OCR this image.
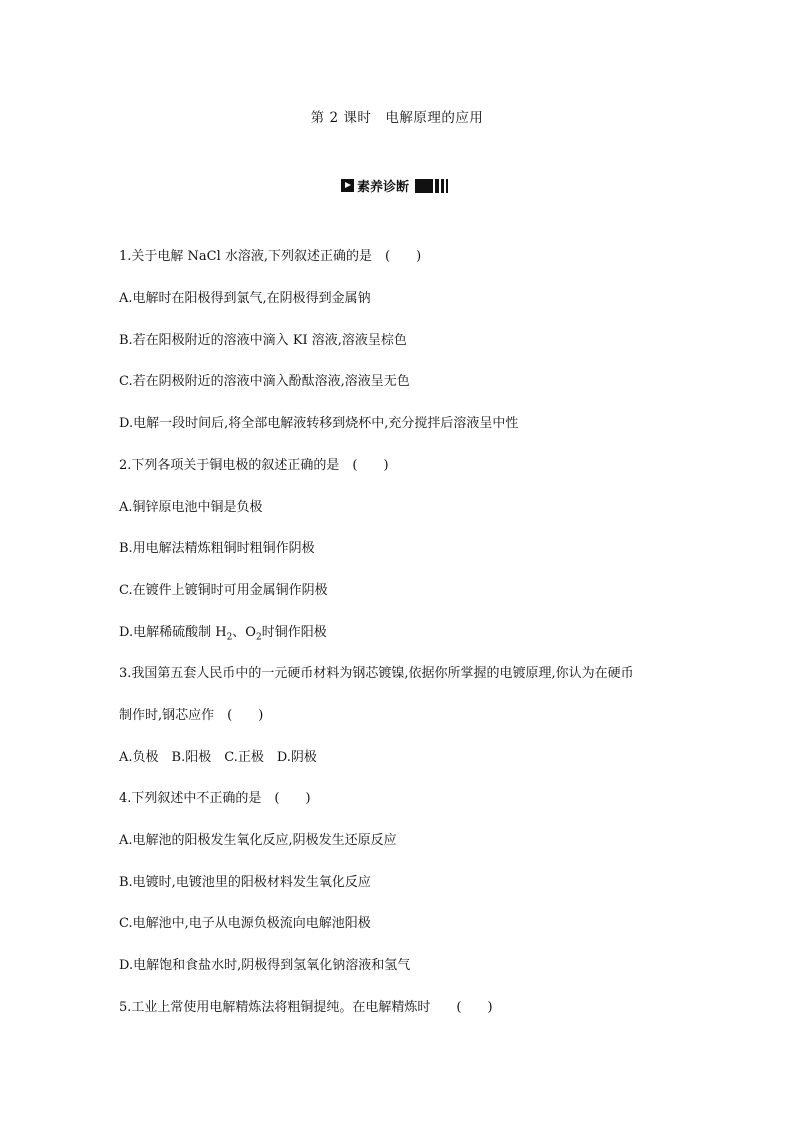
第 2 课时　电解原理的应用
素养诊断
1.关于电解 NaCl 水溶液,下列叙述正确的是　(　　)
A.电解时在阳极得到氯气,在阴极得到金属钠
B.若在阳极附近的溶液中滴入 KI 溶液,溶液呈棕色
C.若在阴极附近的溶液中滴入酚酞溶液,溶液呈无色
D.电解一段时间后,将全部电解液转移到烧杯中,充分搅拌后溶液呈中性
2.下列各项关于铜电极的叙述正确的是　(　　)
A.铜锌原电池中铜是负极
B.用电解法精炼粗铜时粗铜作阴极
C.在镀件上镀铜时可用金属铜作阴极
D.电解稀硫酸制 $H_2$、$O_2$时铜作阳极
3.我国第五套人民币中的一元硬币材料为钢芯镀镍,依据你所掌握的电镀原理,你认为在硬币
制作时,钢芯应作　(　　)
A.负极　B.阳极　C.正极　D.阴极
4.下列叙述中不正确的是　(　　)
A.电解池的阳极发生氧化反应,阴极发生还原反应
B.电镀时,电镀池里的阳极材料发生氧化反应
C.电解池中,电子从电源负极流向电解池阳极
D.电解饱和食盐水时,阴极得到氢氧化钠溶液和氢气
5.工业上常使用电解精炼法将粗铜提纯。在电解精炼时　　(　　)
